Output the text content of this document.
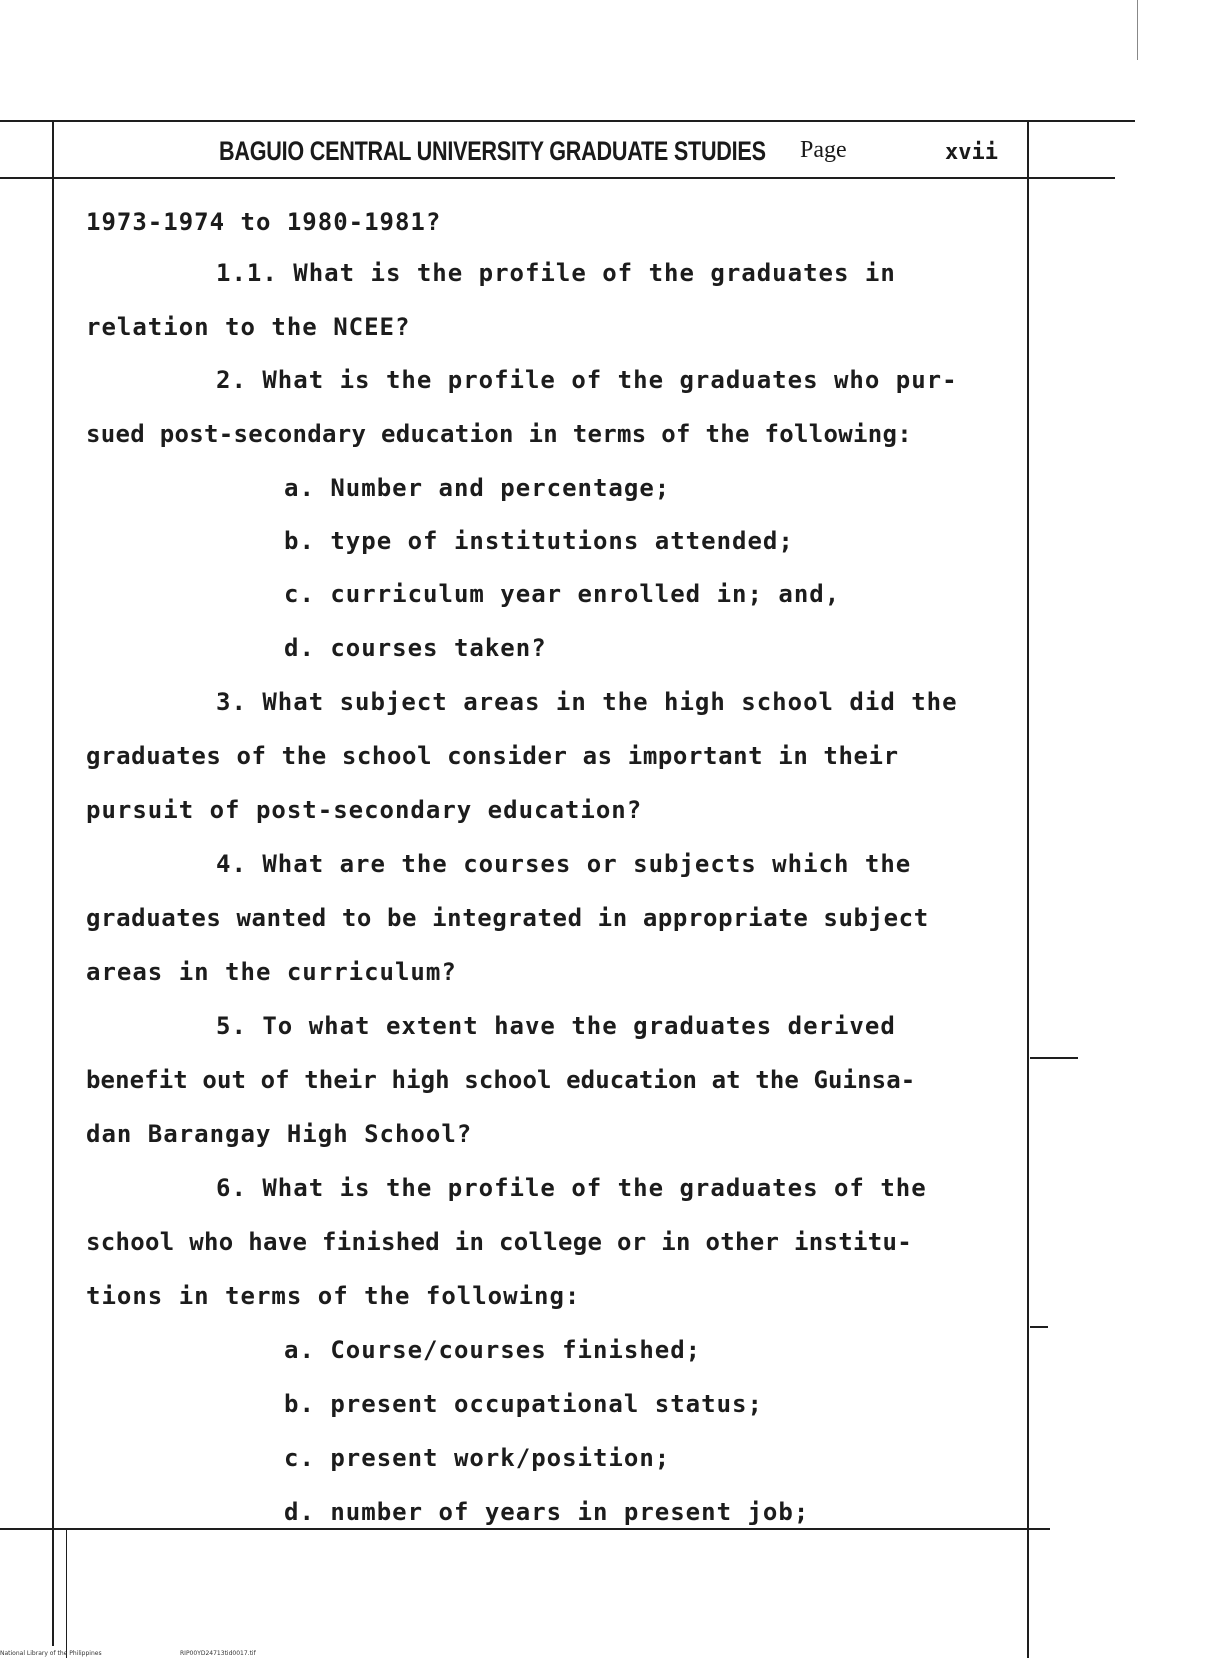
BAGUIO CENTRAL UNIVERSITY GRADUATE STUDIES Page	xvii
1973-1974 to 1980-1981?
1.1. What is the profile of the graduates in
relation to the NCEE?
2. What is the profile of the graduates who pur-
sued post-secondary education in terms of the following:
a. Number and percentage;
b. type of institutions attended;
c. curriculum year enrolled in; and,
d. courses taken?
3. What subject areas in the high school did the
graduates of the school consider as important in their
pursuit of post-secondary education?
4. What are the courses or subjects which the
graduates wanted to be integrated in appropriate subject
areas in the curriculum?
5. To what extent have the graduates derived
benefit out of their high school education at the Guinsa-
dan Barangay High School?
6. What is the profile of the graduates of the
school who have finished in college or in other institu-
tions in terms of the following:
a. Course/courses finished;
b. present occupational status;
c. present work/position;
d. number of years in present job;
National Library of the Philippines	RIP00YD24713tid0017.tif
